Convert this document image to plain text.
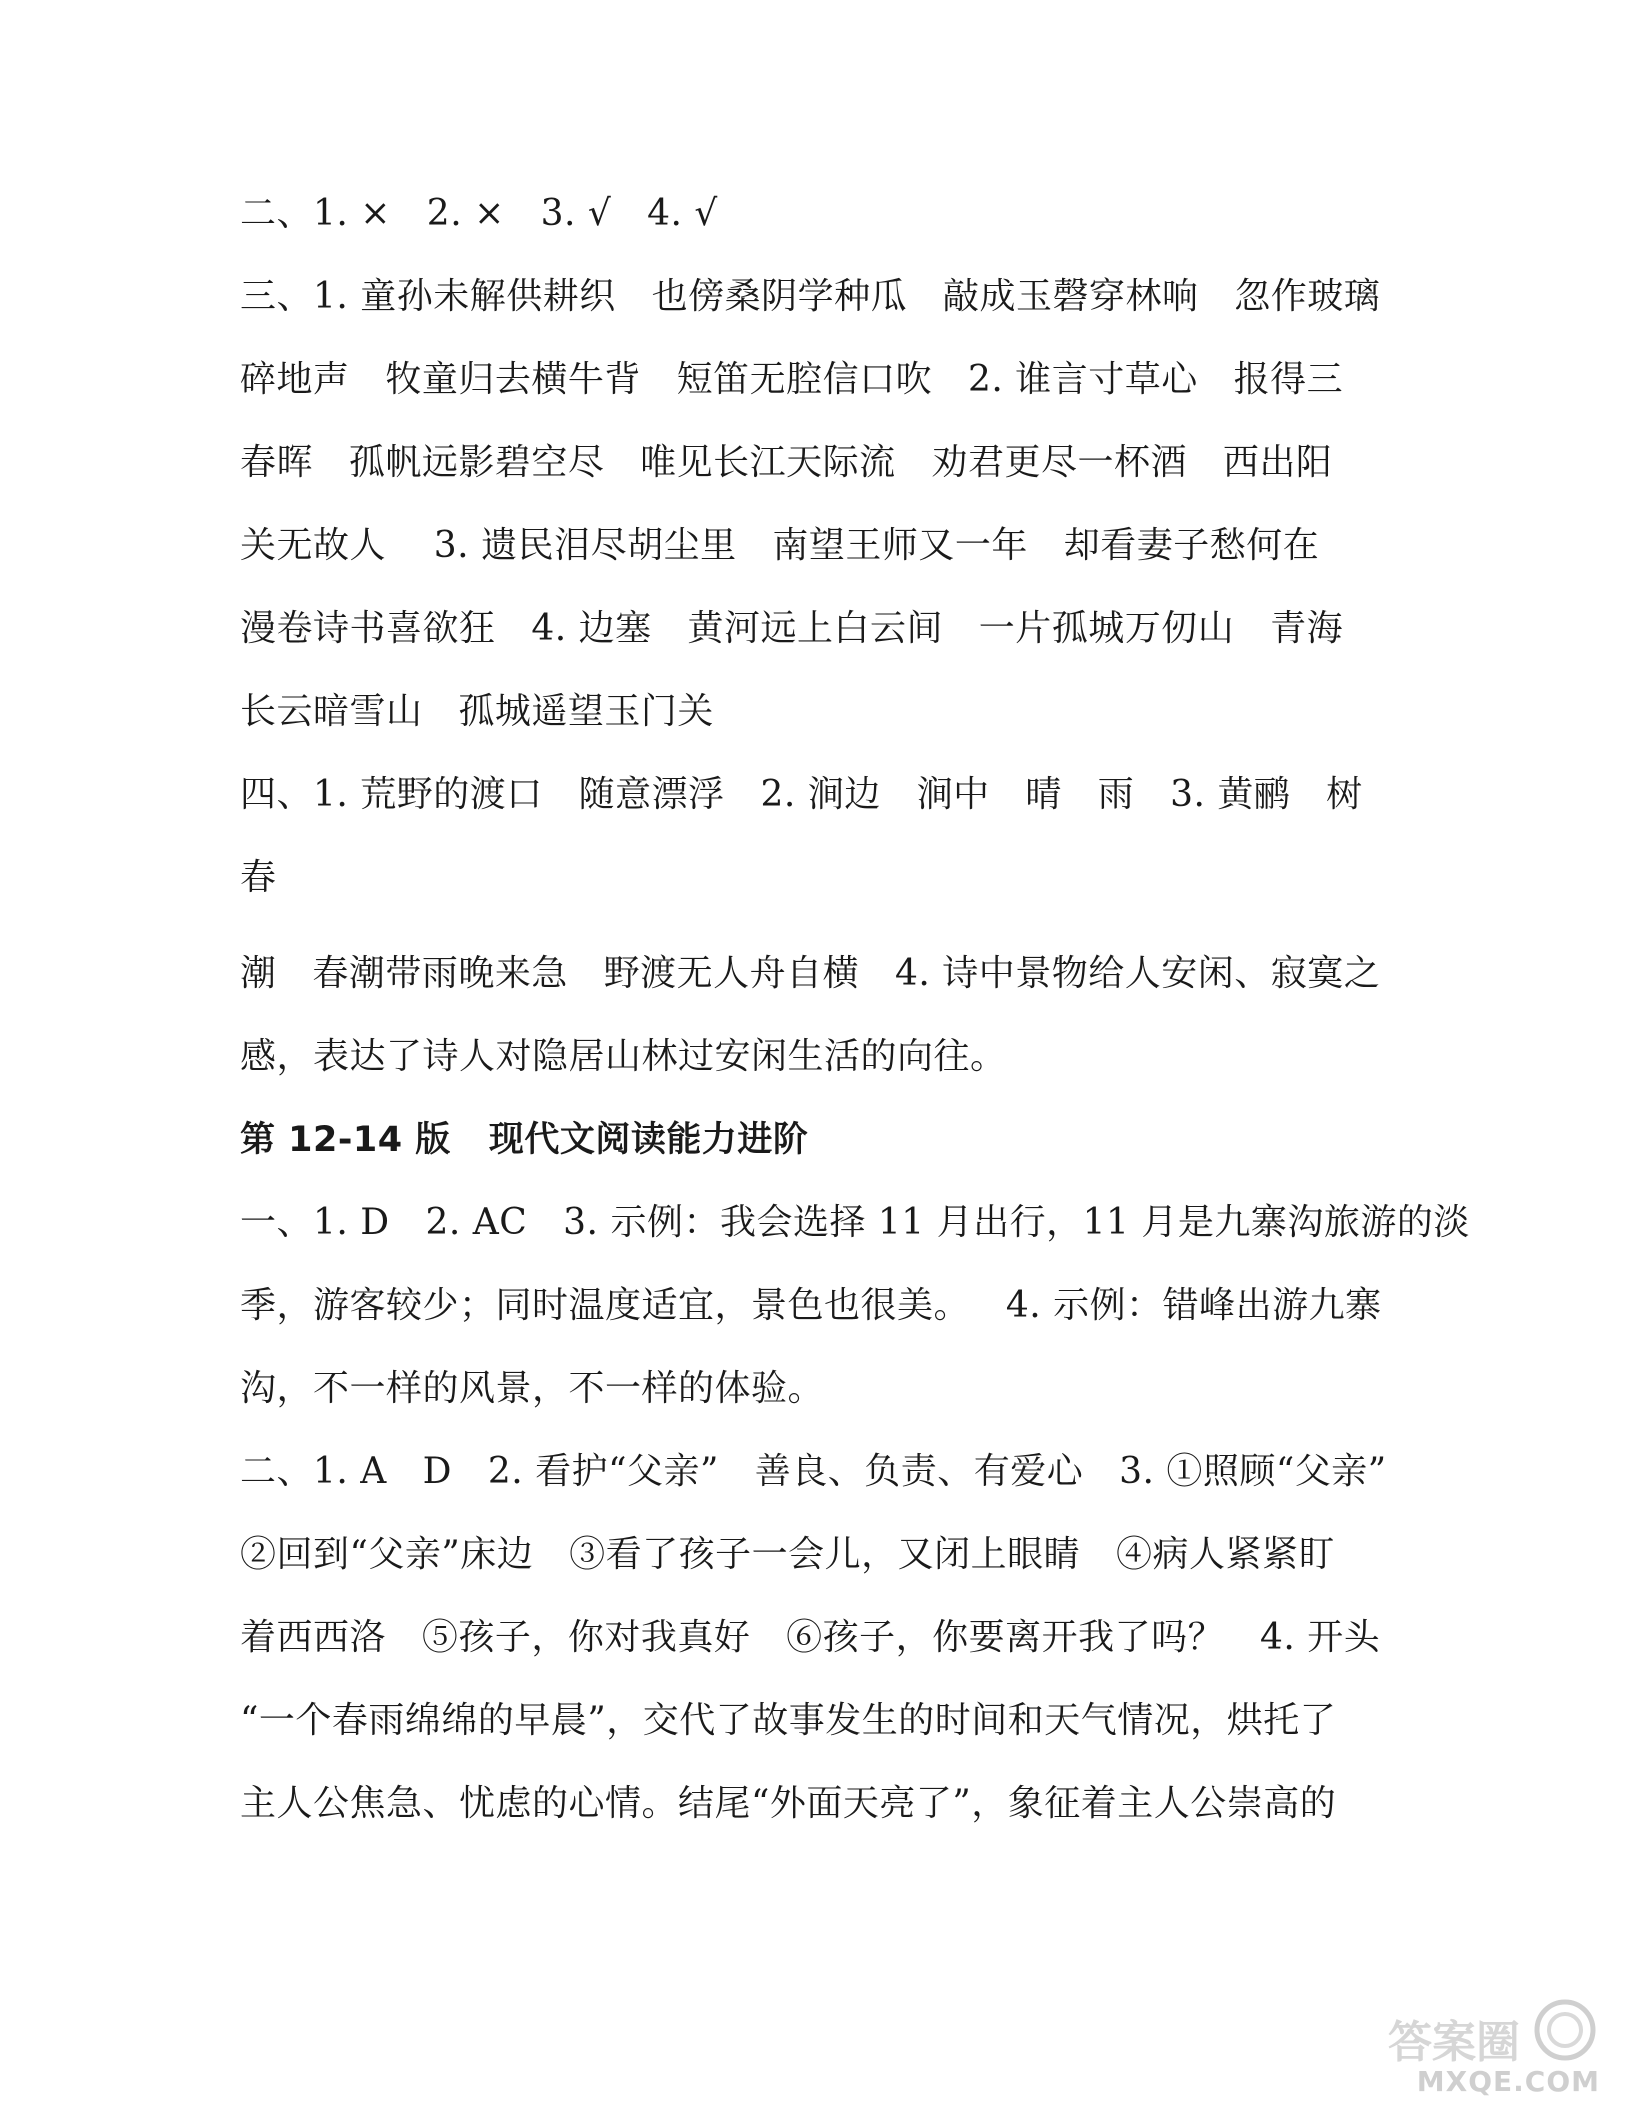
二、1. ×   2. ×   3. √   4. √
三、1. 童孙未解供耕织   也傍桑阴学种瓜   敲成玉磬穿林响   忽作玻璃
碎地声   牧童归去横牛背   短笛无腔信口吹   2. 谁言寸草心   报得三
春晖   孤帆远影碧空尽   唯见长江天际流   劝君更尽一杯酒   西出阳
关无故人    3. 遗民泪尽胡尘里   南望王师又一年   却看妻子愁何在
漫卷诗书喜欲狂   4. 边塞   黄河远上白云间   一片孤城万仞山   青海
长云暗雪山   孤城遥望玉门关
四、1. 荒野的渡口   随意漂浮   2. 涧边   涧中   晴   雨   3. 黄鹂   树
春
潮   春潮带雨晚来急   野渡无人舟自横   4. 诗中景物给人安闲、寂寞之
感，表达了诗人对隐居山林过安闲生活的向往。
第 12-14 版   现代文阅读能力进阶
一、1. D   2. AC   3. 示例：我会选择 11 月出行，11 月是九寨沟旅游的淡
季，游客较少；同时温度适宜，景色也很美。   4. 示例：错峰出游九寨
沟，不一样的风景，不一样的体验。
二、1. A   D   2. 看护“父亲”   善良、负责、有爱心   3. ①照顾“父亲”
②回到“父亲”床边   ③看了孩子一会儿，又闭上眼睛   ④病人紧紧盯
着西西洛   ⑤孩子，你对我真好   ⑥孩子，你要离开我了吗？   4. 开头
“一个春雨绵绵的早晨”，交代了故事发生的时间和天气情况，烘托了
主人公焦急、忧虑的心情。结尾“外面天亮了”，象征着主人公崇高的
答案圈
MXQE.COM
